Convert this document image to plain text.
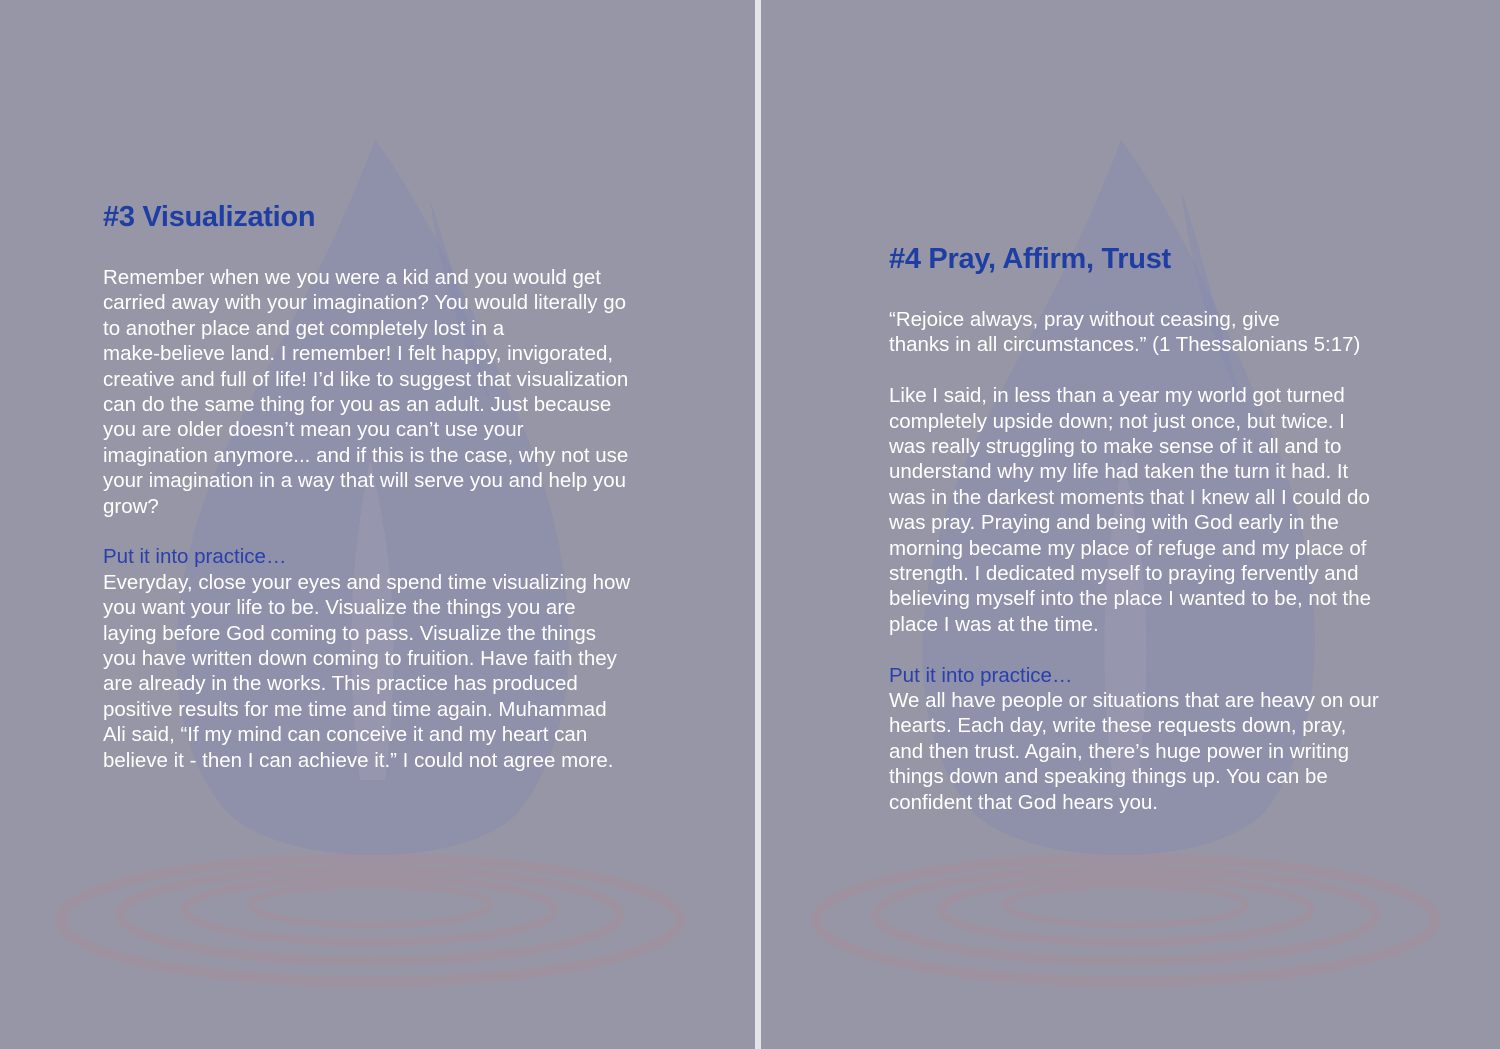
#3 Visualization

Remember when we you were a kid and you would get
carried away with your imagination? You would literally go
to another place and get completely lost in a
make-believe land. I remember! I felt happy, invigorated,
creative and full of life! I’d like to suggest that visualization
can do the same thing for you as an adult. Just because
you are older doesn’t mean you can’t use your
imagination anymore... and if this is the case, why not use
your imagination in a way that will serve you and help you
grow?

Put it into practice…

Everyday, close your eyes and spend time visualizing how
you want your life to be. Visualize the things you are
laying before God coming to pass. Visualize the things
you have written down coming to fruition. Have faith they
are already in the works. This practice has produced
positive results for me time and time again. Muhammad
Ali said, “If my mind can conceive it and my heart can
believe it - then I can achieve it.” I could not agree more.

#4 Pray, Affirm, Trust

“Rejoice always, pray without ceasing, give
thanks in all circumstances.” (1 Thessalonians 5:17)

Like I said, in less than a year my world got turned
completely upside down; not just once, but twice. I
was really struggling to make sense of it all and to
understand why my life had taken the turn it had. It
was in the darkest moments that I knew all I could do
was pray. Praying and being with God early in the
morning became my place of refuge and my place of
strength. I dedicated myself to praying fervently and
believing myself into the place I wanted to be, not the
place I was at the time.

Put it into practice…

We all have people or situations that are heavy on our
hearts. Each day, write these requests down, pray,
and then trust. Again, there’s huge power in writing
things down and speaking things up. You can be
confident that God hears you.
